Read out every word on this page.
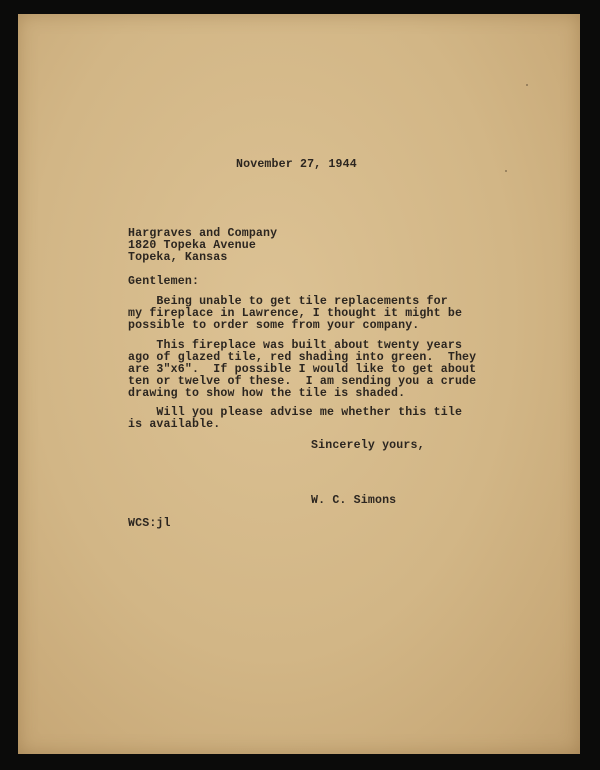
November 27, 1944

Hargraves and Company

1820 Topeka Avenue

Topeka, Kansas

Gentlemen:

Being unable to get tile replacements for

my fireplace in Lawrence, I thought it might be

possible to order some from your company.

This fireplace was built about twenty years

ago of glazed tile, red shading into green.  They

are 3"x6".  If possible I would like to get about

ten or twelve of these.  I am sending you a crude

drawing to show how the tile is shaded.

Will you please advise me whether this tile

is available.

Sincerely yours,

W. C. Simons

WCS:jl
